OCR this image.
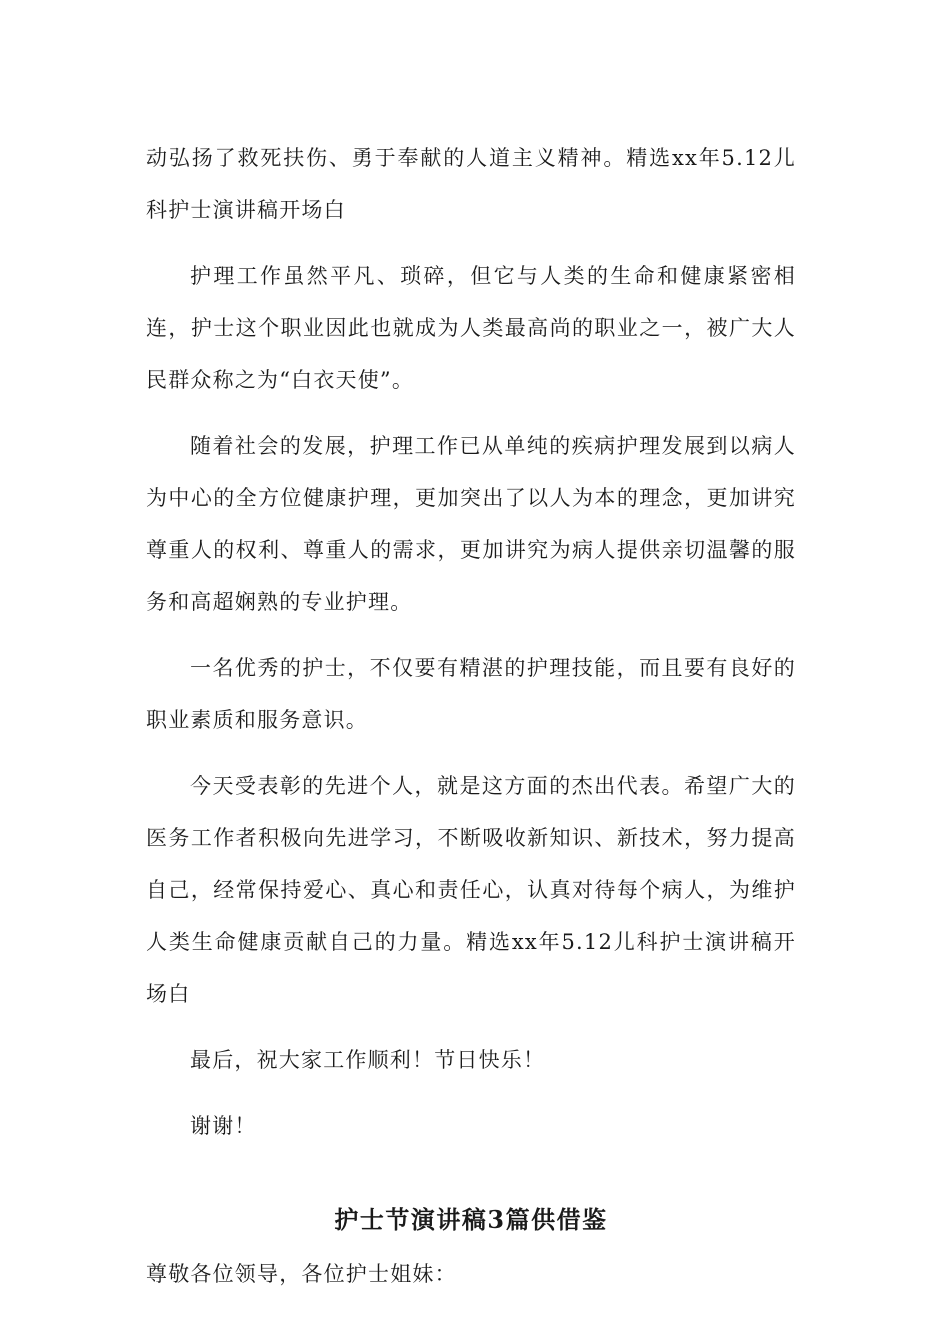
动弘扬了救死扶伤、勇于奉献的人道主义精神。精选xx年5.12儿科护士演讲稿开场白

护理工作虽然平凡、琐碎，但它与人类的生命和健康紧密相连，护士这个职业因此也就成为人类最高尚的职业之一，被广大人民群众称之为“白衣天使”。

随着社会的发展，护理工作已从单纯的疾病护理发展到以病人为中心的全方位健康护理，更加突出了以人为本的理念，更加讲究尊重人的权利、尊重人的需求，更加讲究为病人提供亲切温馨的服务和高超娴熟的专业护理。

一名优秀的护士，不仅要有精湛的护理技能，而且要有良好的职业素质和服务意识。

今天受表彰的先进个人，就是这方面的杰出代表。希望广大的医务工作者积极向先进学习，不断吸收新知识、新技术，努力提高自己，经常保持爱心、真心和责任心，认真对待每个病人，为维护人类生命健康贡献自己的力量。精选xx年5.12儿科护士演讲稿开场白

最后，祝大家工作顺利！节日快乐！

谢谢！

护士节演讲稿3篇供借鉴

尊敬各位领导，各位护士姐妹：
